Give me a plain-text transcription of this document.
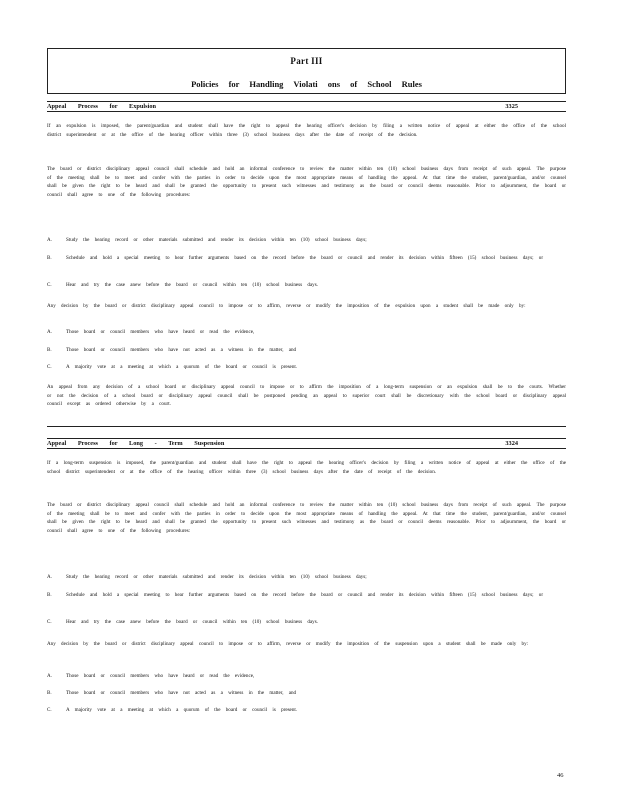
Part III
Policies for Handling Violati ons of School Rules
Appeal Process for Expulsion	3325
If an expulsion is imposed, the parent/guardian and student shall have the right to appeal the hearing officer's decision by filing a written notice of appeal at either the office of the school district superintendent or at the office of the hearing officer within three (3) school business days after the date of receipt of the decision.
The board or district disciplinary appeal council shall schedule and hold an informal conference to review the matter within ten (10) school business days from receipt of such appeal. The purpose of the meeting shall be to meet and confer with the parties in order to decide upon the most appropriate means of handling the appeal. At that time the student, parent/guardian, and/or counsel shall be given the right to be heard and shall be granted the opportunity to present such witnesses and testimony as the board or council deems reasonable. Prior to adjournment, the board or council shall agree to one of the following procedures:
A.	Study the hearing record or other materials submitted and render its decision within ten (10) school business days;
B.	Schedule and hold a special meeting to hear further arguments based on the record before the board or council and render its decision within fifteen (15) school business days; or
C.	Hear and try the case anew before the board or council within ten (10) school business days.
Any decision by the board or district disciplinary appeal council to impose or to affirm, reverse or modify the imposition of the expulsion upon a student shall be made only by:
A.	Those board or council members who have heard or read the evidence,
B.	Those board or council members who have not acted as a witness in the matter, and
C.	A majority vote at a meeting at which a quorum of the board or council is present.
An appeal from any decision of a school board or disciplinary appeal council to impose or to affirm the imposition of a long-term suspension or an expulsion shall be to the courts. Whether or not the decision of a school board or disciplinary appeal council shall be postponed pending an appeal to superior court shall be discretionary with the school board or disciplinary appeal council except as ordered otherwise by a court.
Appeal Process for Long - Term Suspension	3324
If a long-term suspension is imposed, the parent/guardian and student shall have the right to appeal the hearing officer's decision by filing a written notice of appeal at either the office of the school district superintendent or at the office of the hearing officer within three (3) school business days after the date of receipt of the decision.
The board or district disciplinary appeal council shall schedule and hold an informal conference to review the matter within ten (10) school business days from receipt of such appeal. The purpose of the meeting shall be to meet and confer with the parties in order to decide upon the most appropriate means of handling the appeal. At that time the student, parent/guardian, and/or counsel shall be given the right to be heard and shall be granted the opportunity to present such witnesses and testimony as the board or council deems reasonable. Prior to adjournment, the board or council shall agree to one of the following procedures:
A.	Study the hearing record or other materials submitted and render its decision within ten (10) school business days;
B.	Schedule and hold a special meeting to hear further arguments based on the record before the board or council and render its decision within fifteen (15) school business days; or
C.	Hear and try the case anew before the board or council within ten (10) school business days.
Any decision by the board or district disciplinary appeal council to impose or to affirm, reverse or modify the imposition of the suspension upon a student shall be made only by:
A.	Those board or council members who have heard or read the evidence,
B.	Those board or council members who have not acted as a witness in the matter, and
C.	A majority vote at a meeting at which a quorum of the board or council is present.
46
